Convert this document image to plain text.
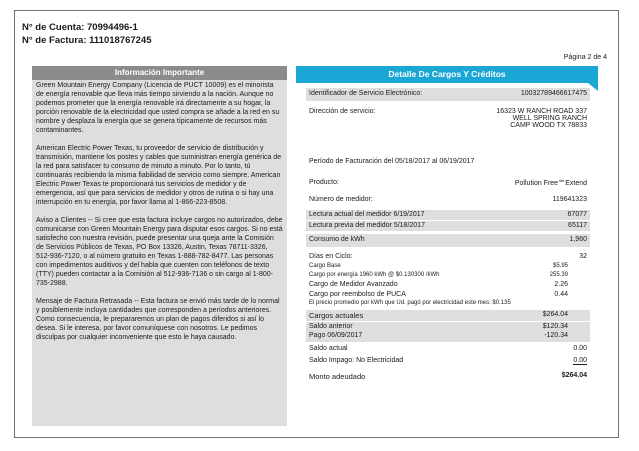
N° de Cuenta: 70994496-1
N° de Factura: 111018767245
Página 2 de 4
Información Importante

Green Mountain Energy Company (Licencia de PUCT 10009) es el minorista de energía renovable que lleva más tiempo sirviendo a la nación. Aunque no podemos prometer que la energía renovable irá directamente a su hogar, la porción renovable de la electricidad que usted compra se añade a la red en su nombre y desplaza la energía que se genera típicamente de recursos más contaminantes.

American Electric Power Texas, tu proveedor de servicio de distribución y transmisión, mantiene los postes y cables que suministran energía genérica de la red para satisfacer tu consumo de minuto a minuto. Por lo tanto, tú continuarás recibiendo la misma fiabilidad de servicio como siempre. American Electric Power Texas te proporcionará tus servicios de medidor y de emergencia, así que para servicios de medidor y otros de rutina o si hay una interrupción en tu energía, por favor llama al 1-866-223-8508.

Aviso a Clientes -- Si cree que esta factura incluye cargos no autorizados, debe comunicarse con Green Mountain Energy para disputar esos cargos. Si no está satisfecho con nuestra revisión, puede presentar una queja ante la Comisión de Servicios Públicos de Texas, PO Box 13326, Austin, Texas 78711-3326, 512-936-7120, o al número gratuito en Texas 1-888-782-8477. Las personas con impedimentos auditivos y del habla que cuenten con teléfonos de texto (TTY) pueden contactar a la Comisión al 512-936-7136 o sin cargo al 1-800-735-2988.

Mensaje de Factura Retrasada -- Esta factura se envió más tarde de lo normal y posiblemente incluya cantidades que corresponden a períodos anteriores. Como consecuencia, le prepararemos un plan de pagos diferidos si así lo desea. Si le interesa, por favor comuníquese con nosotros. Le pedimos disculpas por cualquier inconveniente que esto le haya causado.

Detalle De Cargos Y Créditos
Identificador de Servicio Electrónico:	10032789466617475
Dirección de servicio:	16323 W RANCH ROAD 337
WELL SPRING RANCH
CAMP WOOD TX 78833
Período de Facturación del 05/18/2017 al 06/19/2017
Producto:	Pollution Free℠Extend
Número de medidor:	119641323
Lectura actual del medidor 6/19/2017	67077
Lectura previa del medidor 5/18/2017	65117
Consumo de kWh	1,960
Días en Ciclo:	32
Cargo Base	$5.95
Cargo por energía 1960 kWh @ $0.130300 /kWh	255.39
Cargo de Medidor Avanzado	2.26
Cargo por reembolso de PUCA	0.44
El precio promedio por kWh que Ud. pagó por electricidad este mes: $0.135
Cargos actuales	$264.04
Saldo anterior	$120.34
Pago 06/09/2017	-120.34
Saldo actual	0.00
Saldo Impago: No Electricidad	0.00
Monto adeudado	$264.04
